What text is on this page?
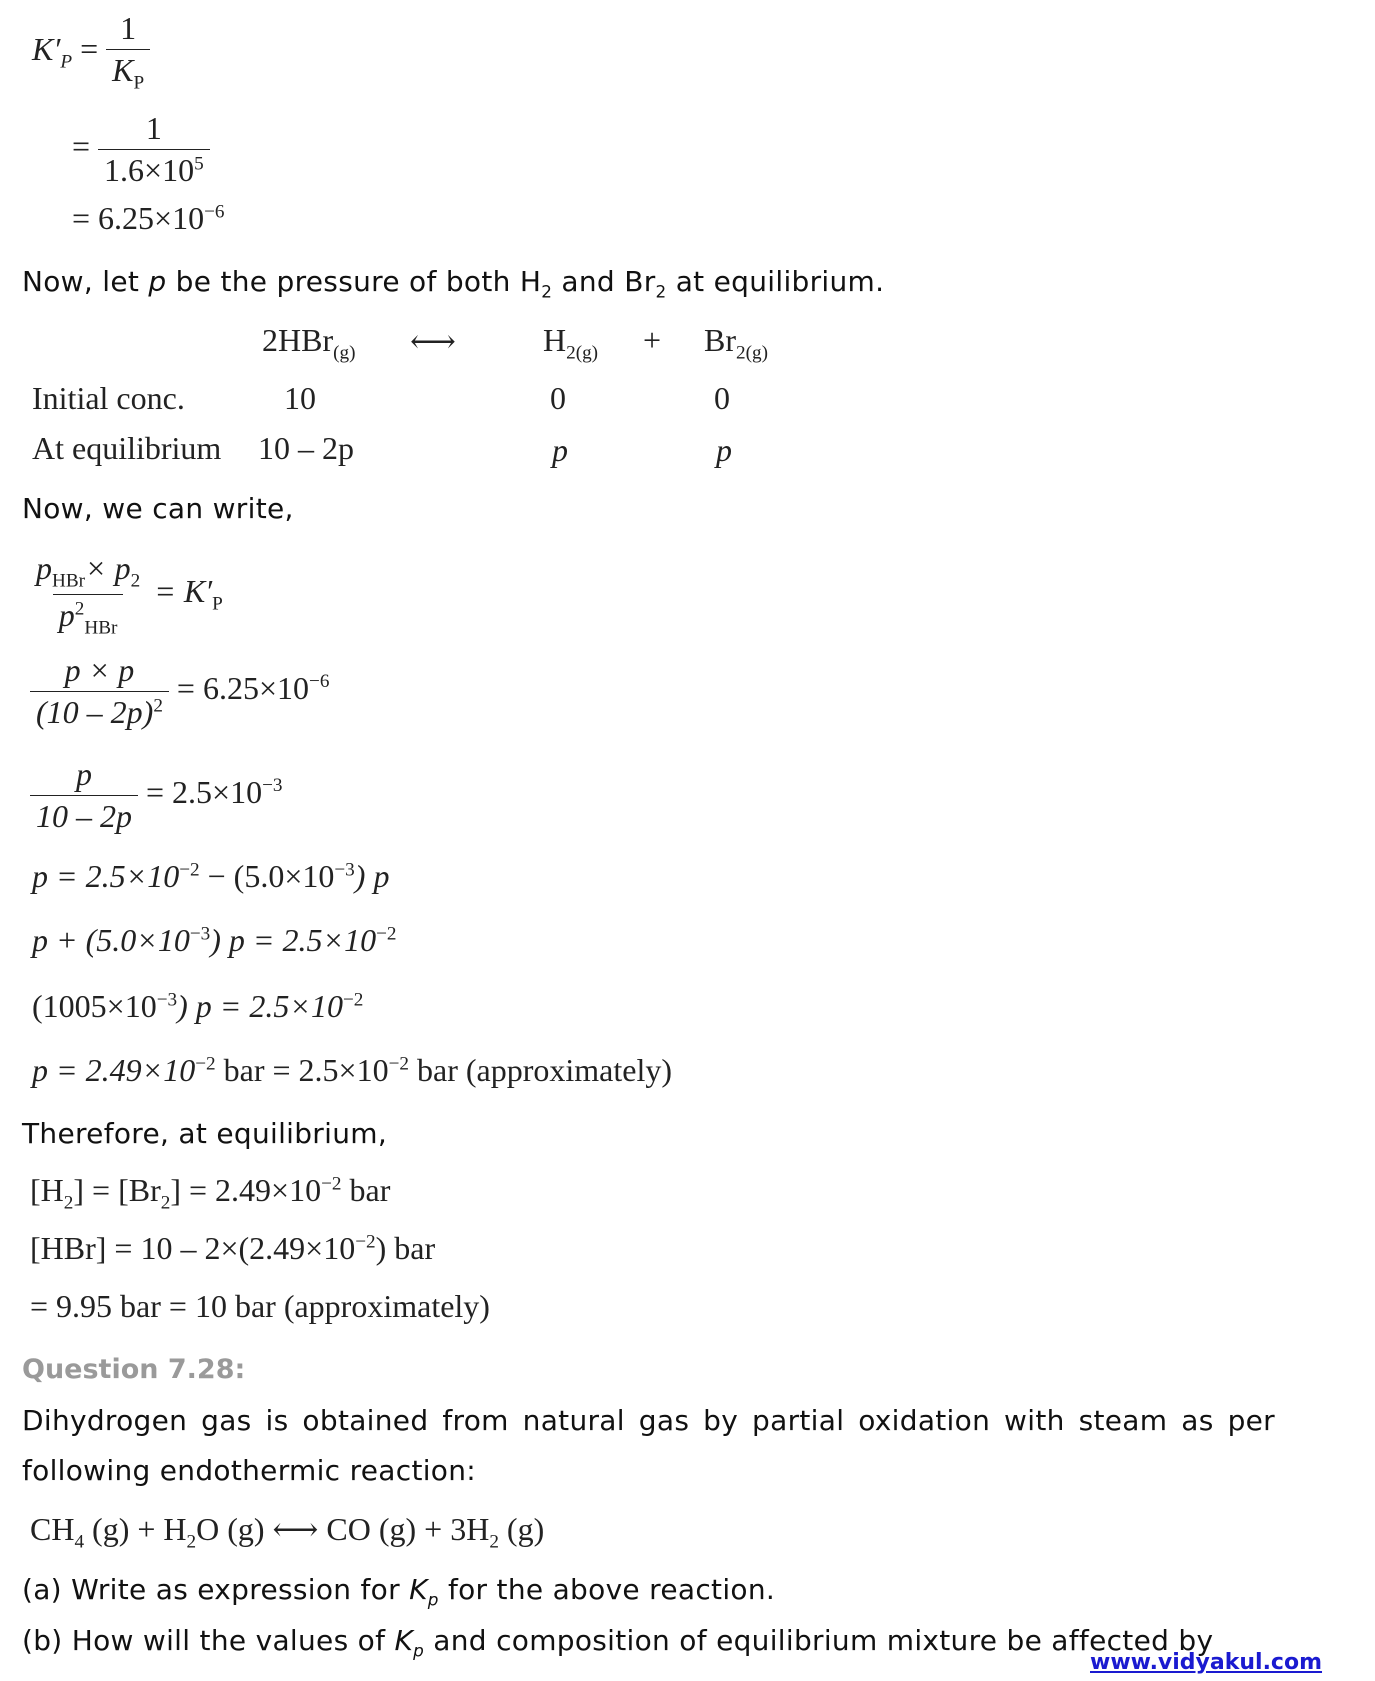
$K'_P = \frac{1}{K_P}$
= $\frac{1}{1.6\times 10^5}$
= $6.25\times 10^{-6}$
Now, let p be the pressure of both $H_2$ and $Br_2$ at equilibrium.
2HBr$_{(g)}$ ⟷	$H_{2(g)} + Br_{2(g)}$
Initial conc.	10	0	0
At equilibrium 10 – 2p	p	p
Now, we can write,
$\frac{p_{HBr}\times p_2}{p^2_{HBr}} = K'_P$
$\frac{p \times p}{(10 - 2p)^2} = 6.25\times 10^{-6}$
$\frac{p}{10 - 2p} = 2.5\times 10^{-3}$
$p = 2.5\times 10^{-2} - (5.0\times 10^{-3})$ p
$p + (5.0\times 10^{-3}) p = 2.5\times 10^{-2}$
$(1005\times 10^{-3}) p = 2.5\times 10^{-2}$
$p = 2.49\times 10^{-2}$ bar = $2.5\times 10^{-2}$ bar (approximately)
Therefore, at equilibrium,
$[H_2] = [Br_2] = 2.49\times 10^{-2}$ bar
$[HBr] = 10 - 2\times(2.49\times 10^{-2})$ bar
= 9.95 bar = 10 bar (approximately)
Question 7.28:
Dihydrogen gas is obtained from natural gas by partial oxidation with steam as per
following endothermic reaction:
$CH_4$ $(g) + H_2O$ (g) ⟷ CO $(g) + 3H_2$ (g)
(a) Write as expression for $K_p$ for the above reaction.
(b) How will the values of $K_p$ and composition of equilibrium mixture be affected by
www.vidyakul.com
